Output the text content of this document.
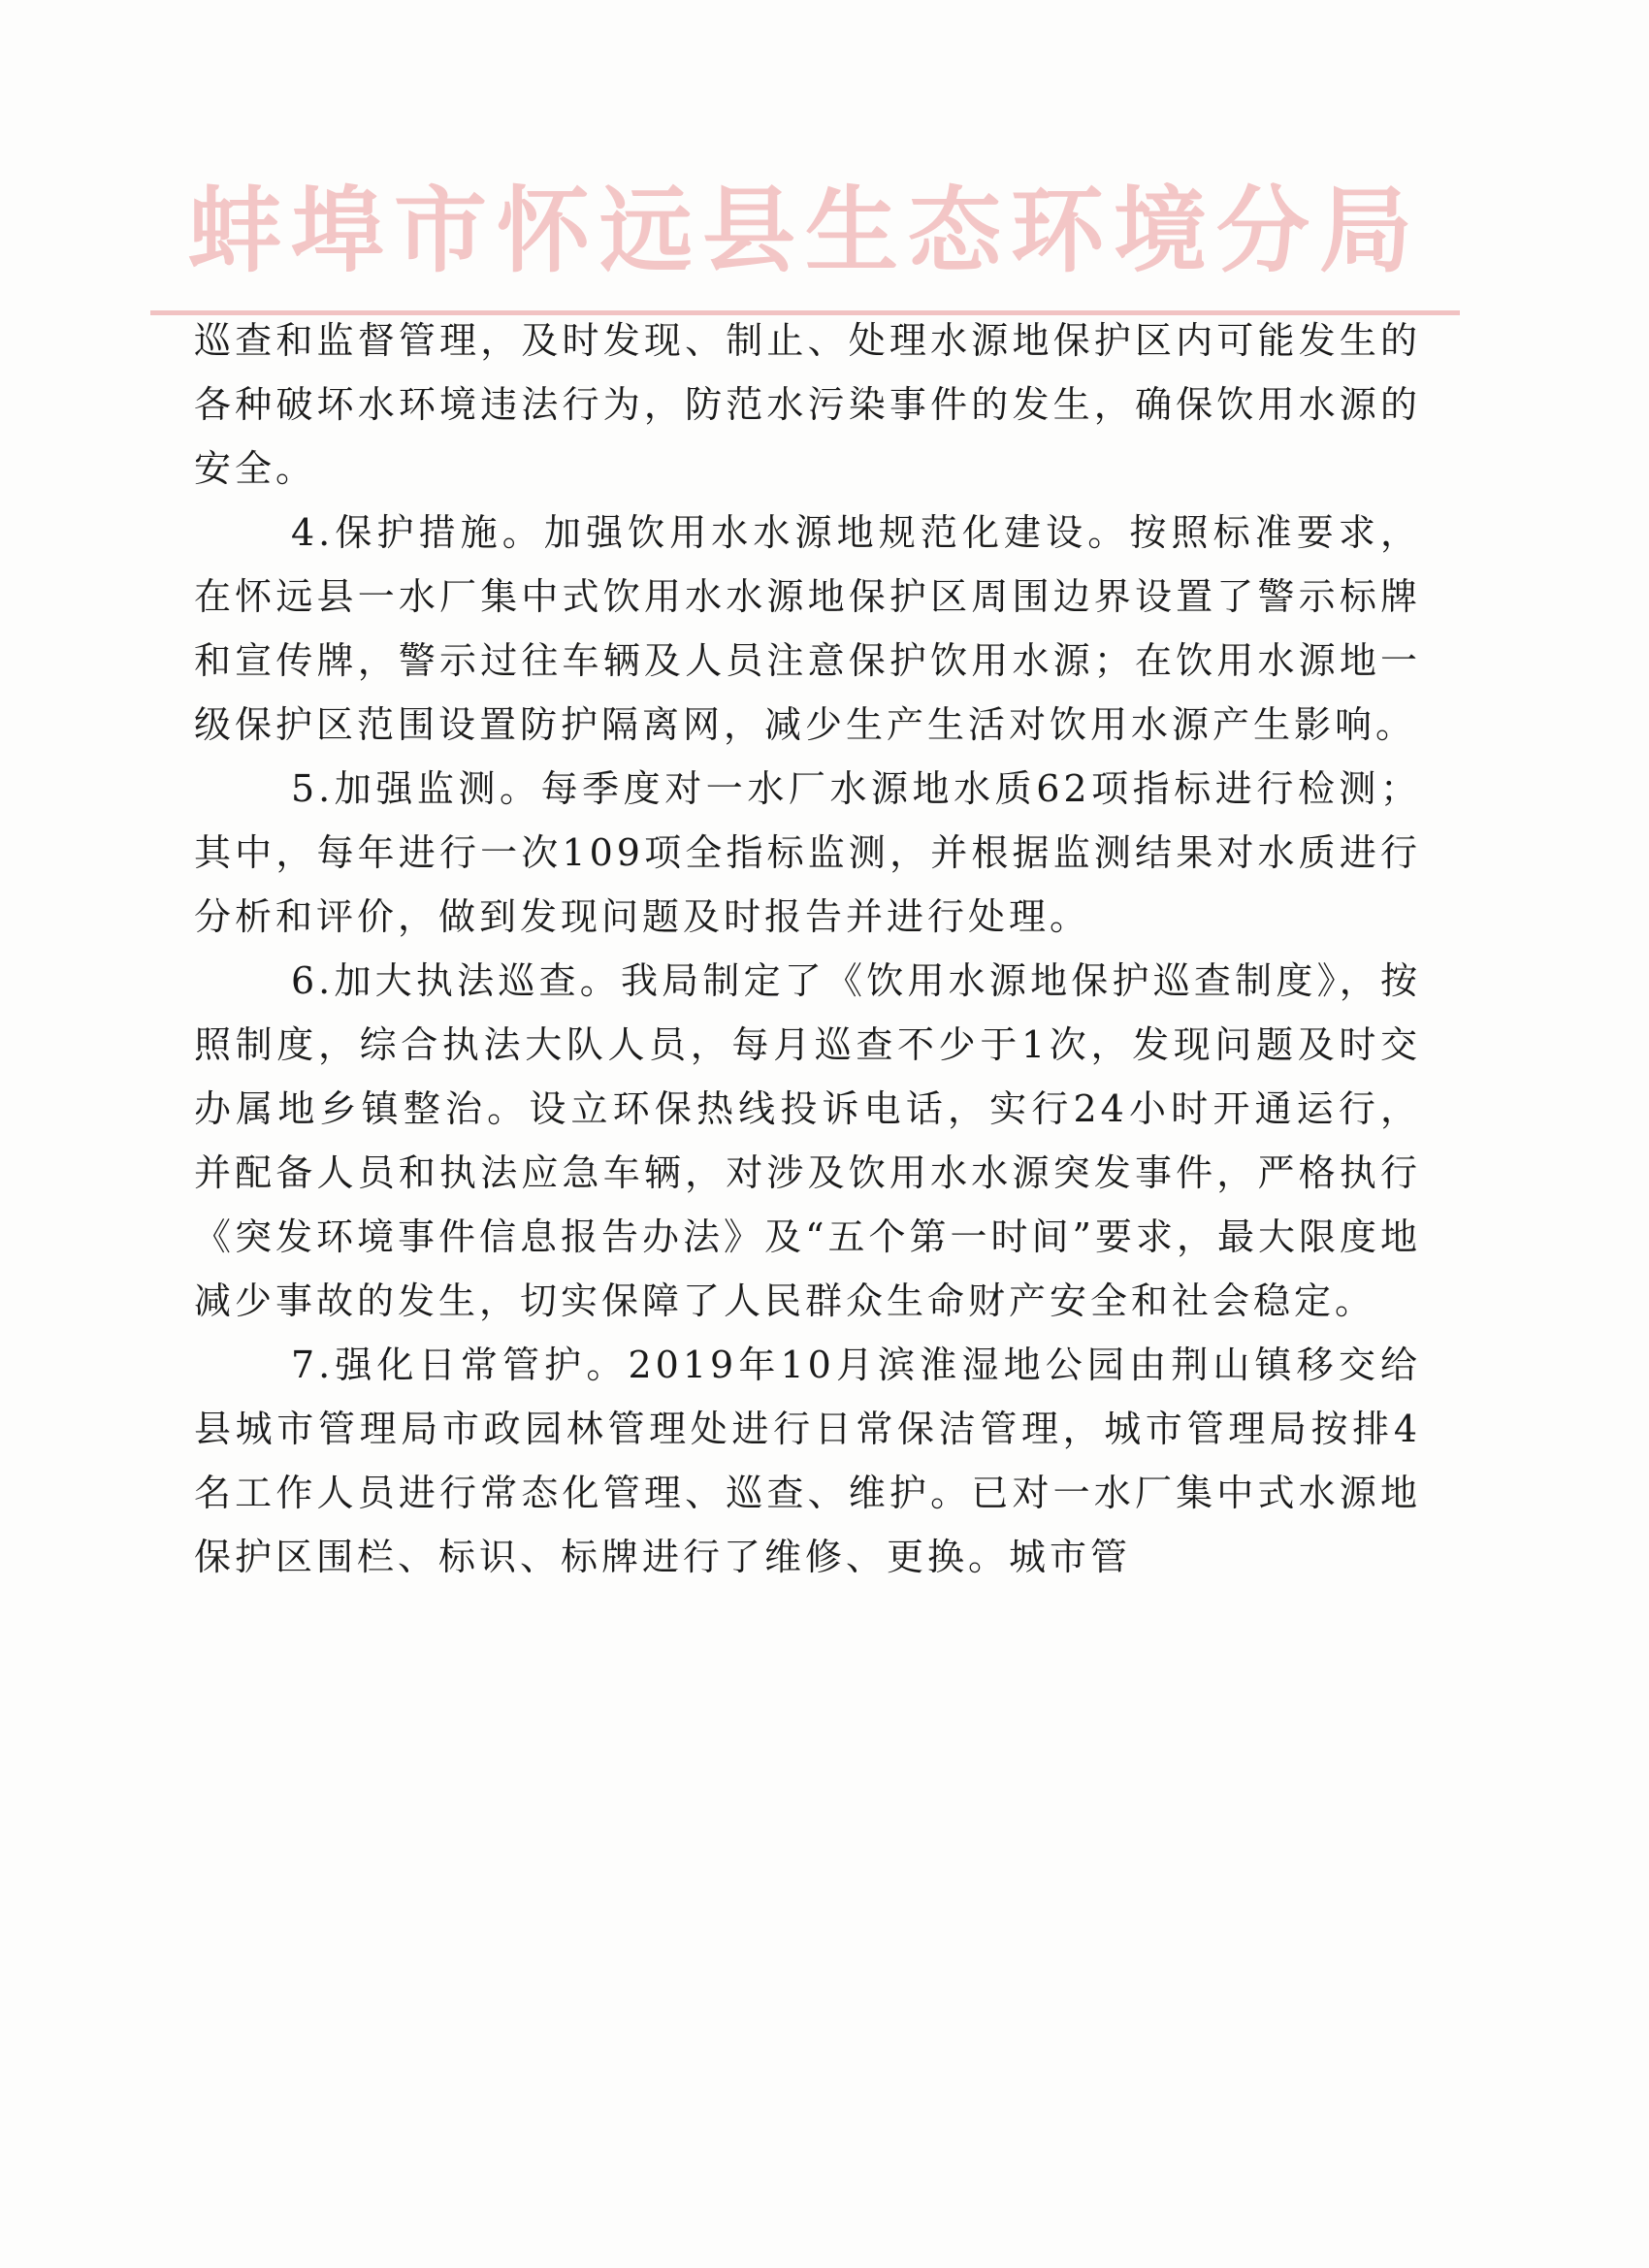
蚌埠市怀远县生态环境分局

巡查和监督管理，及时发现、制止、处理水源地保护区内可能发生的各种破坏水环境违法行为，防范水污染事件的发生，确保饮用水源的安全。

4.保护措施。加强饮用水水源地规范化建设。按照标准要求，在怀远县一水厂集中式饮用水水源地保护区周围边界设置了警示标牌和宣传牌，警示过往车辆及人员注意保护饮用水源；在饮用水源地一级保护区范围设置防护隔离网，减少生产生活对饮用水源产生影响。

5.加强监测。每季度对一水厂水源地水质62项指标进行检测；其中，每年进行一次109项全指标监测，并根据监测结果对水质进行分析和评价，做到发现问题及时报告并进行处理。

6.加大执法巡查。我局制定了《饮用水源地保护巡查制度》，按照制度，综合执法大队人员，每月巡查不少于1次，发现问题及时交办属地乡镇整治。设立环保热线投诉电话，实行24小时开通运行，并配备人员和执法应急车辆，对涉及饮用水水源突发事件，严格执行《突发环境事件信息报告办法》及“五个第一时间”要求，最大限度地减少事故的发生，切实保障了人民群众生命财产安全和社会稳定。

7.强化日常管护。2019年10月滨淮湿地公园由荆山镇移交给县城市管理局市政园林管理处进行日常保洁管理，城市管理局按排4名工作人员进行常态化管理、巡查、维护。已对一水厂集中式水源地保护区围栏、标识、标牌进行了维修、更换。城市管
